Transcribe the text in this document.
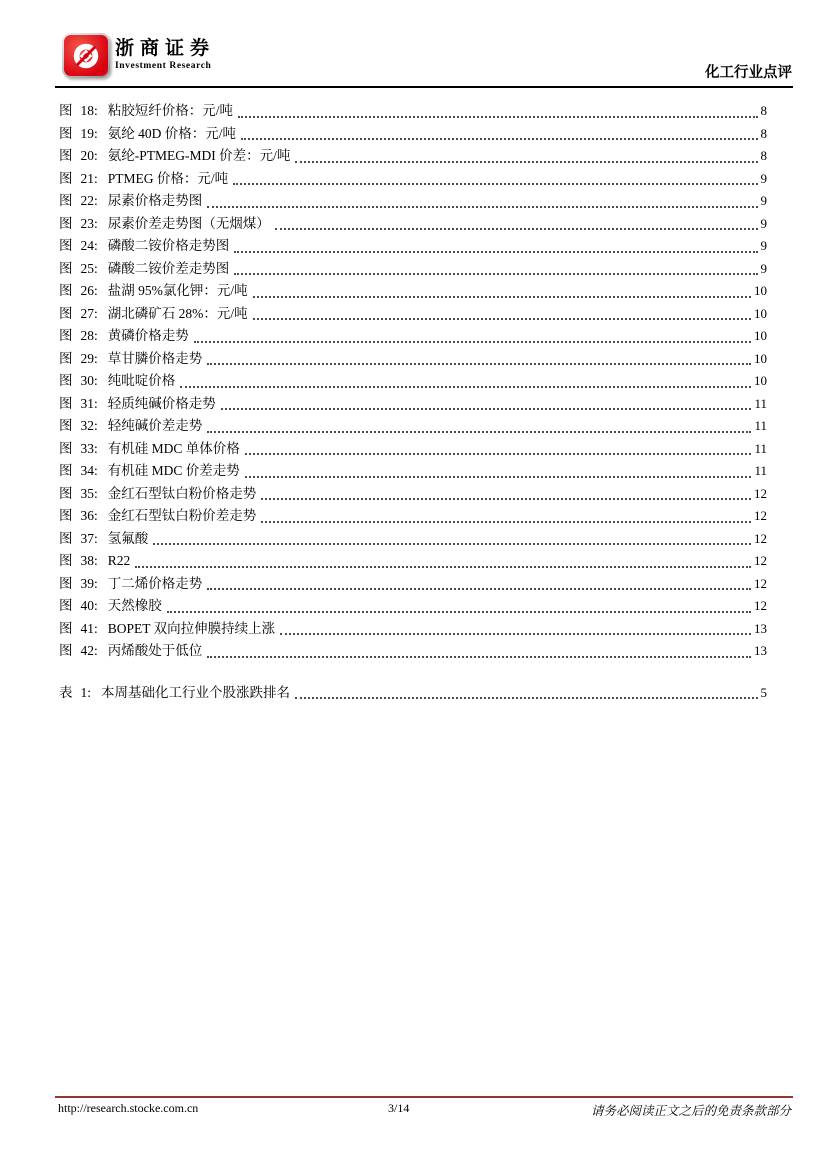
浙商证券
Investment Research	化工行业点评
图 18: 粘胶短纤价格：元/吨	8
图 19: 氨纶 40D 价格：元/吨	8
图 20: 氨纶-PTMEG-MDI 价差：元/吨	8
图 21: PTMEG 价格：元/吨	9
图 22: 尿素价格走势图	9
图 23: 尿素价差走势图（无烟煤）	9
图 24: 磷酸二铵价格走势图	9
图 25: 磷酸二铵价差走势图	9
图 26: 盐湖 95%氯化钾：元/吨	10
图 27: 湖北磷矿石 28%：元/吨	10
图 28: 黄磷价格走势	10
图 29: 草甘膦价格走势	10
图 30: 纯吡啶价格	10
图 31: 轻质纯碱价格走势	11
图 32: 轻纯碱价差走势	11
图 33: 有机硅 MDC 单体价格	11
图 34: 有机硅 MDC 价差走势	11
图 35: 金红石型钛白粉价格走势	12
图 36: 金红石型钛白粉价差走势	12
图 37: 氢氟酸	12
图 38: R22	12
图 39: 丁二烯价格走势	12
图 40: 天然橡胶	12
图 41: BOPET 双向拉伸膜持续上涨	13
图 42: 丙烯酸处于低位	13
表 1: 本周基础化工行业个股涨跌排名	5
http://research.stocke.com.cn	3/14	请务必阅读正文之后的免责条款部分
